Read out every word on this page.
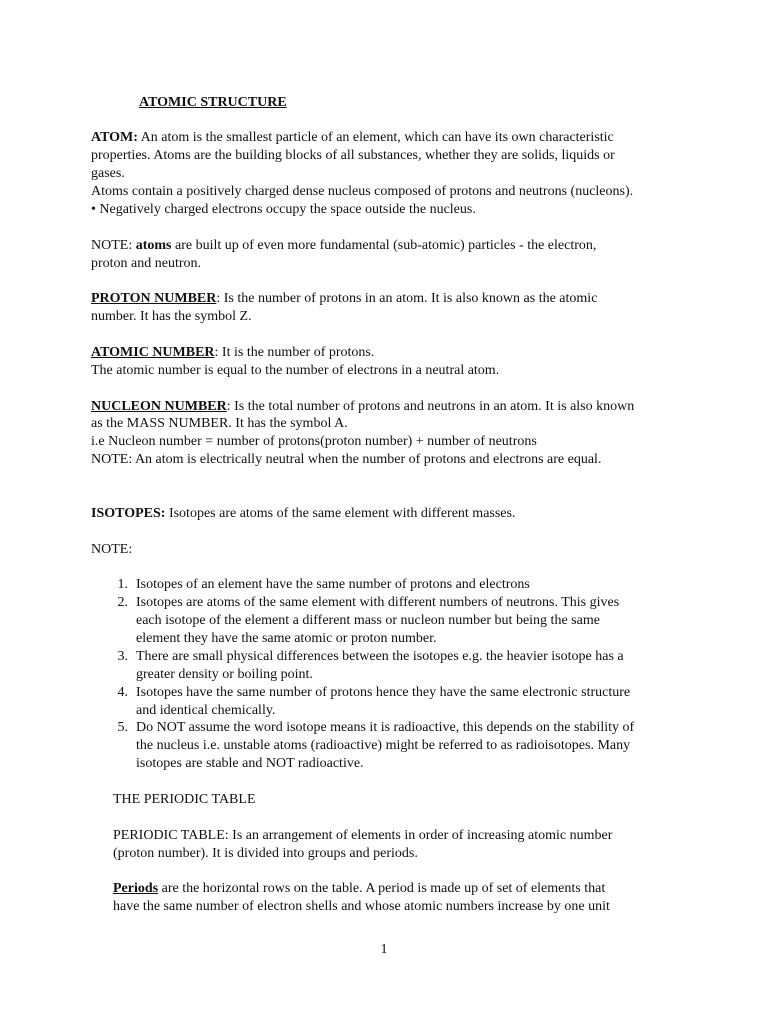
ATOMIC STRUCTURE
ATOM: An atom is the smallest particle of an element, which can have its own characteristic
properties. Atoms are the building blocks of all substances, whether they are solids, liquids or
gases.
Atoms contain a positively charged dense nucleus composed of protons and neutrons (nucleons).
• Negatively charged electrons occupy the space outside the nucleus.
NOTE: atoms are built up of even more fundamental (sub-atomic) particles - the electron,
proton and neutron.
PROTON NUMBER: Is the number of protons in an atom. It is also known as the atomic
number. It has the symbol Z.
ATOMIC NUMBER: It is the number of protons.
The atomic number is equal to the number of electrons in a neutral atom.
NUCLEON NUMBER: Is the total number of protons and neutrons in an atom. It is also known
as the MASS NUMBER. It has the symbol A.
i.e Nucleon number = number of protons(proton number) + number of neutrons
NOTE: An atom is electrically neutral when the number of protons and electrons are equal.
ISOTOPES: Isotopes are atoms of the same element with different masses.
NOTE:
1. Isotopes of an element have the same number of protons and electrons
2. Isotopes are atoms of the same element with different numbers of neutrons. This gives
each isotope of the element a different mass or nucleon number but being the same
element they have the same atomic or proton number.
3. There are small physical differences between the isotopes e.g. the heavier isotope has a
greater density or boiling point.
4. Isotopes have the same number of protons hence they have the same electronic structure
and identical chemically.
5. Do NOT assume the word isotope means it is radioactive, this depends on the stability of
the nucleus i.e. unstable atoms (radioactive) might be referred to as radioisotopes. Many
isotopes are stable and NOT radioactive.
THE PERIODIC TABLE
PERIODIC TABLE: Is an arrangement of elements in order of increasing atomic number
(proton number). It is divided into groups and periods.
Periods are the horizontal rows on the table. A period is made up of set of elements that
have the same number of electron shells and whose atomic numbers increase by one unit
1
